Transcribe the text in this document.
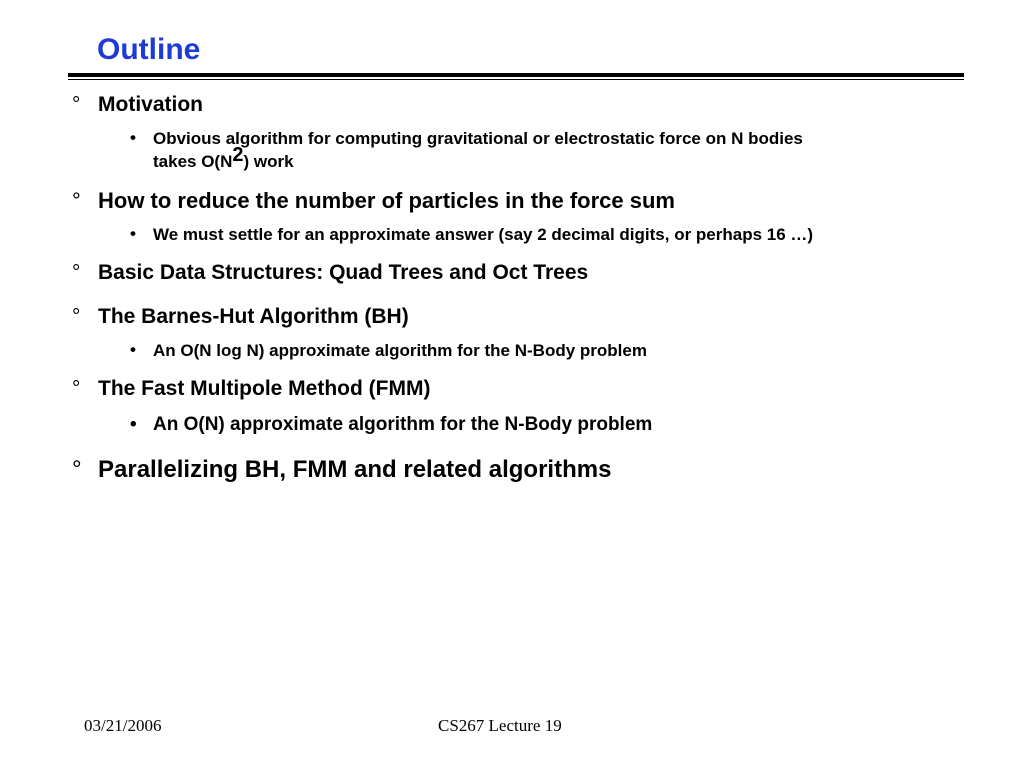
Outline
° Motivation
• Obvious algorithm for computing gravitational or electrostatic force on N bodies
takes O(N2) work
° How to reduce the number of particles in the force sum
• We must settle for an approximate answer (say 2 decimal digits, or perhaps 16 …)
° Basic Data Structures: Quad Trees and Oct Trees
° The Barnes-Hut Algorithm (BH)
• An O(N log N) approximate algorithm for the N-Body problem
° The Fast Multipole Method (FMM)
• An O(N) approximate algorithm for the N-Body problem
° Parallelizing BH, FMM and related algorithms
03/21/2006	CS267 Lecture 19
